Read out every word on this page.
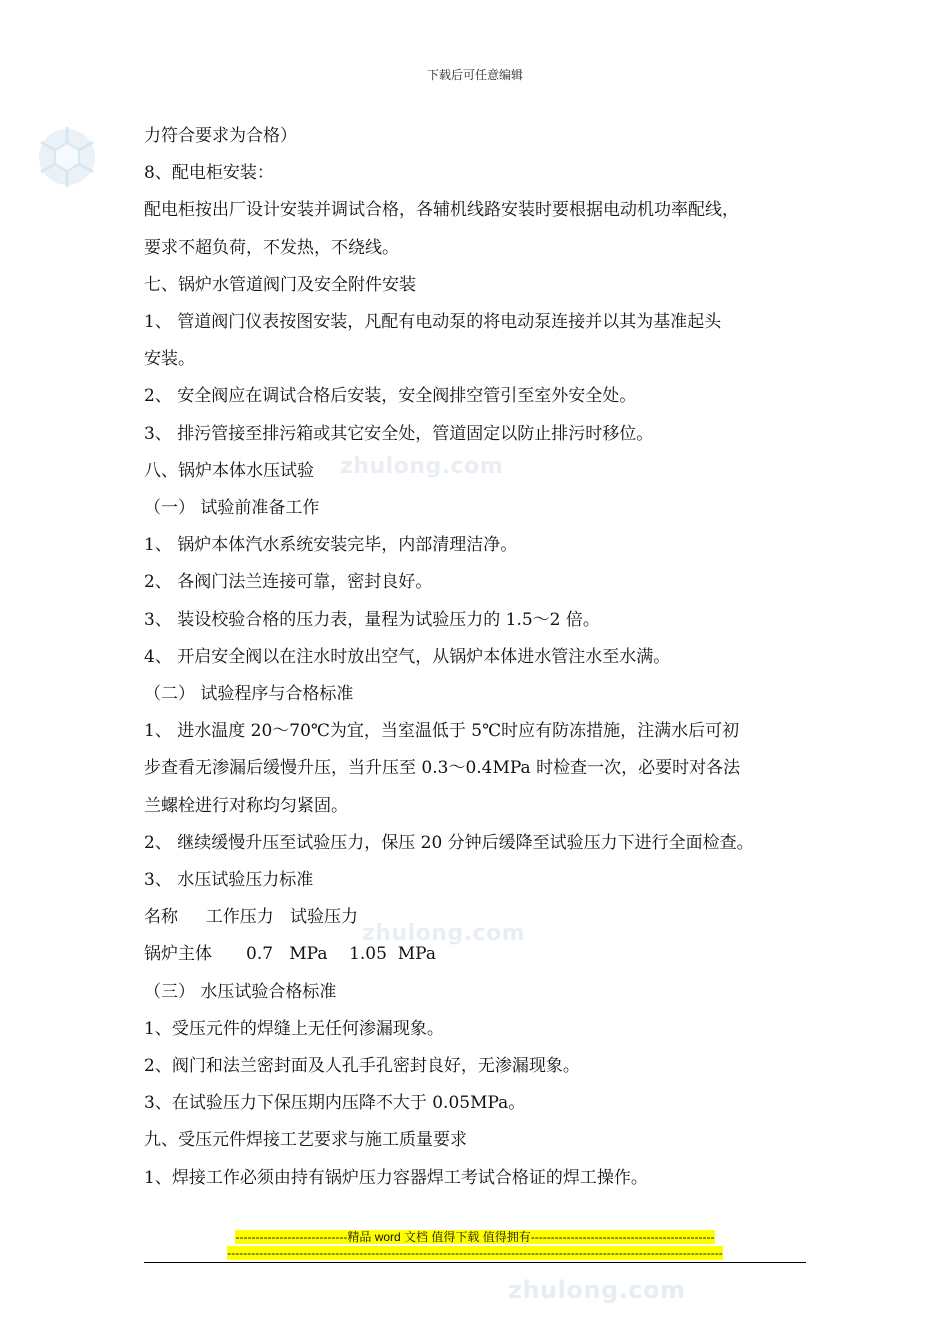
下载后可任意编辑
zhulong.com
zhulong.com
zhulong.com

力符合要求为合格）

8、配电柜安装：

配电柜按出厂设计安装并调试合格，各辅机线路安装时要根据电动机功率配线，

要求不超负荷，不发热，不绕线。

七、锅炉水管道阀门及安全附件安装

1、 管道阀门仪表按图安装，凡配有电动泵的将电动泵连接并以其为基准起头

安装。

2、 安全阀应在调试合格后安装，安全阀排空管引至室外安全处。

3、 排污管接至排污箱或其它安全处，管道固定以防止排污时移位。

八、锅炉本体水压试验

（一） 试验前准备工作

1、 锅炉本体汽水系统安装完毕，内部清理洁净。

2、 各阀门法兰连接可靠，密封良好。

3、 装设校验合格的压力表，量程为试验压力的 1.5～2 倍。

4、 开启安全阀以在注水时放出空气，从锅炉本体进水管注水至水满。

（二） 试验程序与合格标准

1、 进水温度 20～70℃为宜，当室温低于 5℃时应有防冻措施，注满水后可初

步查看无渗漏后缓慢升压，当升压至 0.3～0.4MPa 时检查一次，必要时对各法

兰螺栓进行对称均匀紧固。

2、 继续缓慢升压至试验压力，保压 20 分钟后缓降至试验压力下进行全面检查。

3、 水压试验压力标准

名称　  工作压力   试验压力

锅炉主体　　0.7   MPa    1.05  MPa

（三） 水压试验合格标准

1、受压元件的焊缝上无任何渗漏现象。

2、阀门和法兰密封面及人孔手孔密封良好，无渗漏现象。

3、在试验压力下保压期内压降不大于 0.05MPa。

九、受压元件焊接工艺要求与施工质量要求

1、焊接工作必须由持有锅炉压力容器焊工考试合格证的焊工操作。

----------------------------精品 word 文档 值得下载 值得拥有----------------------------------------------
----------------------------------------------------------------------------------------------------------------------------
